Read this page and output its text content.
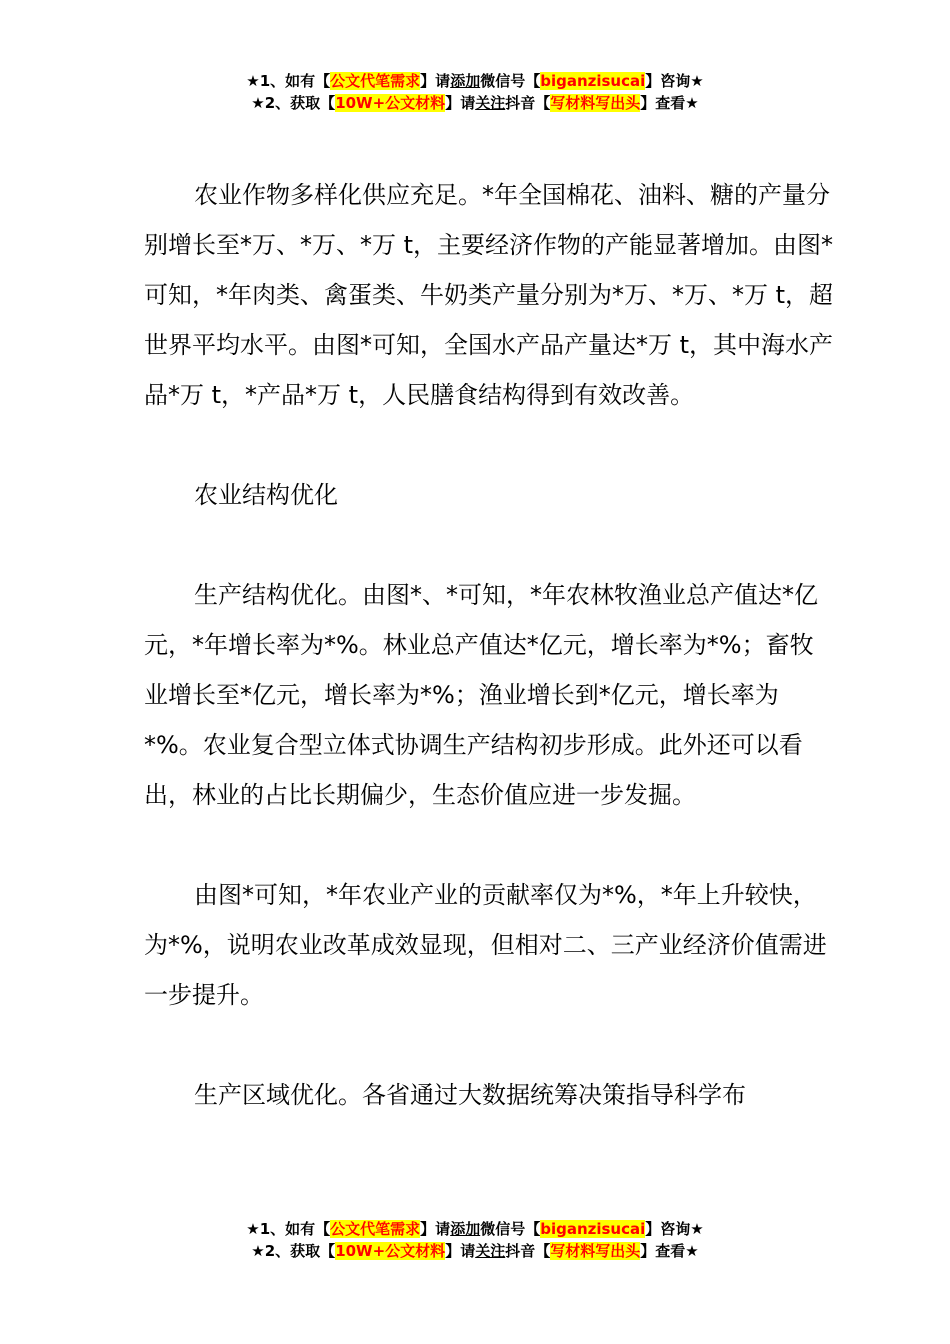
★1、如有【公文代笔需求】请添加微信号【biganzisucai】咨询★
★2、获取【10W+公文材料】请关注抖音【写材料写出头】查看★

农业作物多样化供应充足。*年全国棉花、油料、糖的产量分别增长至*万、*万、*万 t，主要经济作物的产能显著增加。由图*可知，*年肉类、禽蛋类、牛奶类产量分别为*万、*万、*万 t，超世界平均水平。由图*可知，全国水产品产量达*万 t，其中海水产品*万 t，*产品*万 t，人民膳食结构得到有效改善。

农业结构优化

生产结构优化。由图*、*可知，*年农林牧渔业总产值达*亿元，*年增长率为*%。林业总产值达*亿元，增长率为*%；畜牧业增长至*亿元，增长率为*%；渔业增长到*亿元，增长率为*%。农业复合型立体式协调生产结构初步形成。此外还可以看出，林业的占比长期偏少，生态价值应进一步发掘。

由图*可知，*年农业产业的贡献率仅为*%，*年上升较快，为*%，说明农业改革成效显现，但相对二、三产业经济价值需进一步提升。

生产区域优化。各省通过大数据统筹决策指导科学布

★1、如有【公文代笔需求】请添加微信号【biganzisucai】咨询★
★2、获取【10W+公文材料】请关注抖音【写材料写出头】查看★
